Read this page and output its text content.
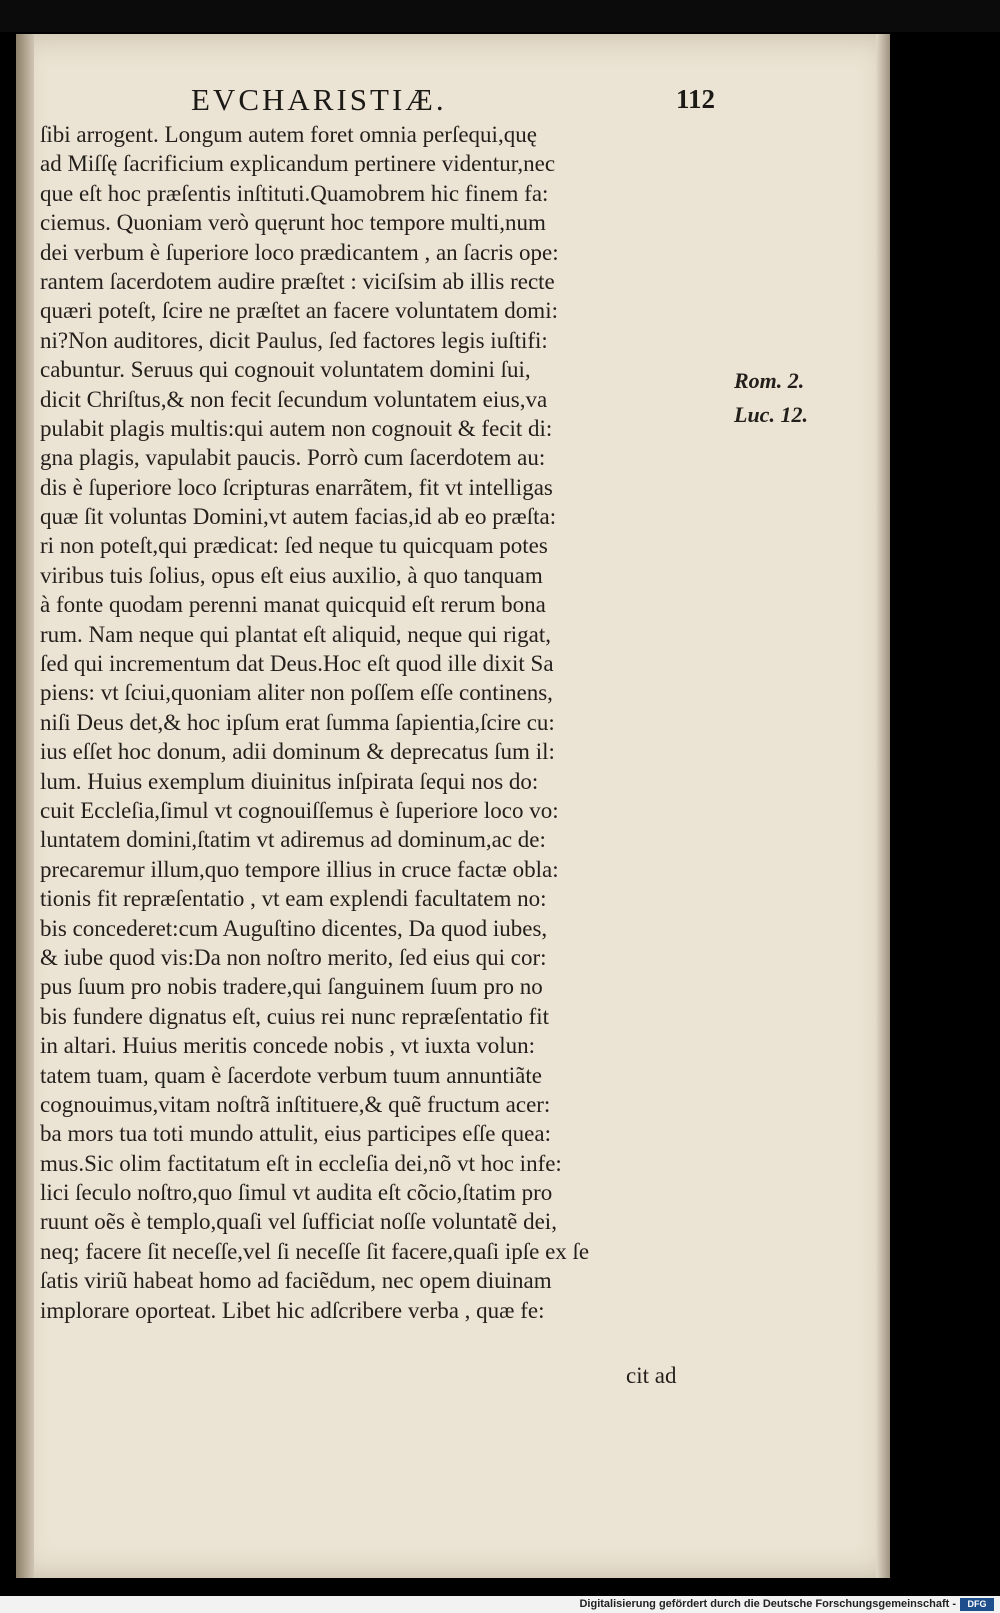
EVCHARISTIÆ.	112
ſibi arrogent. Longum autem foret omnia perſequi,quę
ad Miſſę ſacrificium explicandum pertinere videntur,nec
que eſt hoc præſentis inſtituti.Quamobrem hic finem fa:
ciemus. Quoniam verò quęrunt hoc tempore multi,num
dei verbum è ſuperiore loco prædicantem , an ſacris ope:
rantem ſacerdotem audire præſtet : viciſsim ab illis recte
quæri poteſt, ſcire ne præſtet an facere voluntatem domi:
ni?Non auditores, dicit Paulus, ſed factores legis iuſtifi:
cabuntur. Seruus qui cognouit voluntatem domini ſui,
dicit Chriſtus,& non fecit ſecundum voluntatem eius,va
pulabit plagis multis:qui autem non cognouit & fecit di:
gna plagis, vapulabit paucis. Porrò cum ſacerdotem au:
dis è ſuperiore loco ſcripturas enarrãtem, fit vt intelligas
quæ ſit voluntas Domini,vt autem facias,id ab eo præſta:
ri non poteſt,qui prædicat: ſed neque tu quicquam potes
viribus tuis ſolius, opus eſt eius auxilio, à quo tanquam
à fonte quodam perenni manat quicquid eſt rerum bona
rum. Nam neque qui plantat eſt aliquid, neque qui rigat,
ſed qui incrementum dat Deus.Hoc eſt quod ille dixit Sa
piens: vt ſciui,quoniam aliter non poſſem eſſe continens,
niſi Deus det,& hoc ipſum erat ſumma ſapientia,ſcire cu:
ius eſſet hoc donum, adii dominum & deprecatus ſum il:
lum. Huius exemplum diuinitus inſpirata ſequi nos do:
cuit Eccleſia,ſimul vt cognouiſſemus è ſuperiore loco vo:
luntatem domini,ſtatim vt adiremus ad dominum,ac de:
precaremur illum,quo tempore illius in cruce factæ obla:
tionis fit repræſentatio , vt eam explendi facultatem no:
bis concederet:cum Auguſtino dicentes, Da quod iubes,
& iube quod vis:Da non noſtro merito, ſed eius qui cor:
pus ſuum pro nobis tradere,qui ſanguinem ſuum pro no
bis fundere dignatus eſt, cuius rei nunc repræſentatio fit
in altari. Huius meritis concede nobis , vt iuxta volun:
tatem tuam, quam è ſacerdote verbum tuum annuntiãte
cognouimus,vitam noſtrã inſtituere,& quẽ fructum acer:
ba mors tua toti mundo attulit, eius participes eſſe quea:
mus.Sic olim factitatum eſt in eccleſia dei,nõ vt hoc infe:
lici ſeculo noſtro,quo ſimul vt audita eſt cõcio,ſtatim pro
ruunt oẽs è templo,quaſi vel ſufficiat noſſe voluntatẽ dei,
neq; facere ſit neceſſe,vel ſi neceſſe ſit facere,quaſi ipſe ex ſe
ſatis viriũ habeat homo ad faciẽdum, nec opem diuinam
implorare oporteat. Libet hic adſcribere verba , quæ fe:
Rom. 2.
Luc. 12.
cit ad
Digitalisierung gefördert durch die Deutsche Forschungsgemeinschaft -	DFG
